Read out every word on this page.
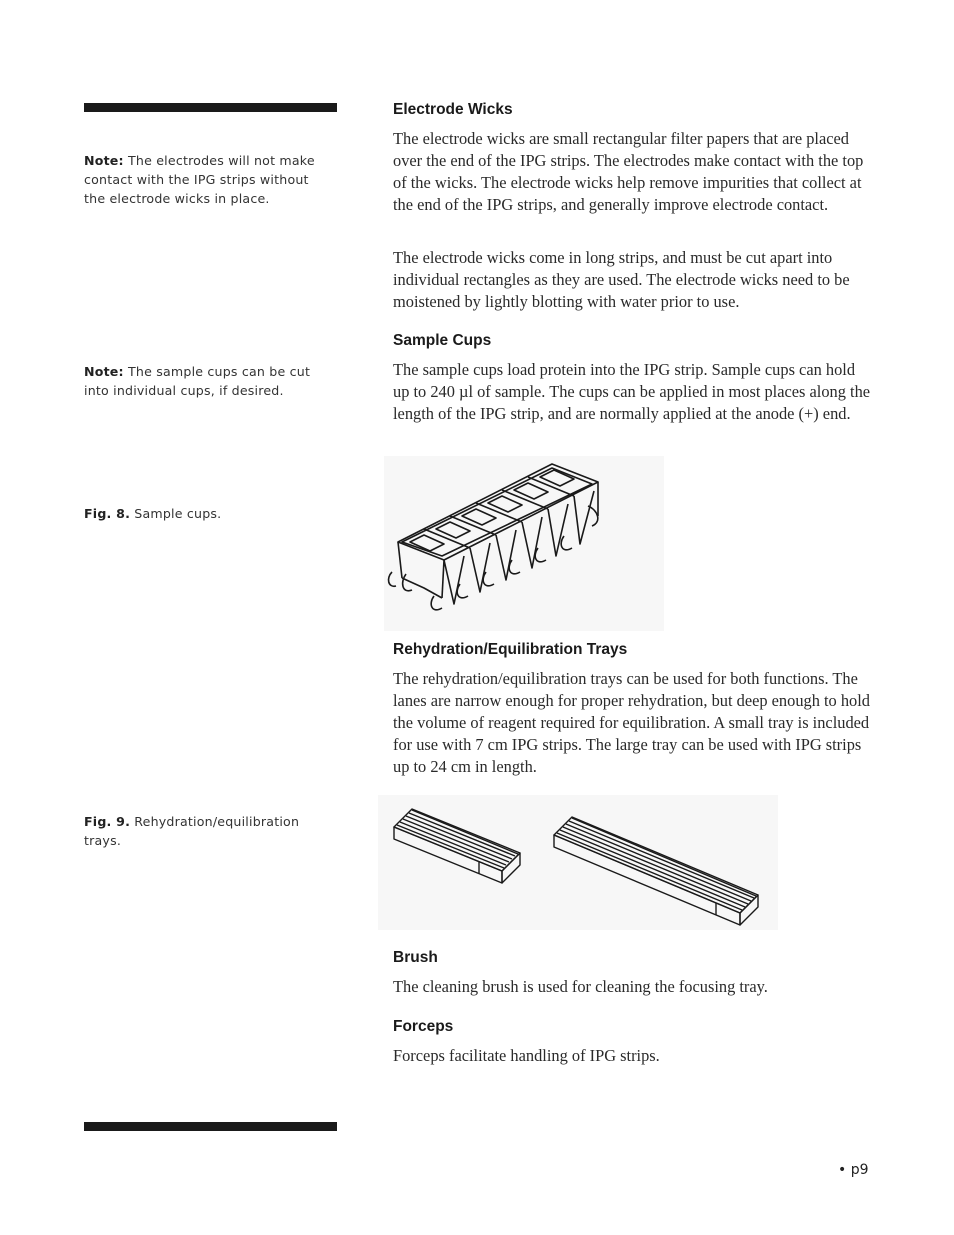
Note: The electrodes will not make contact with the IPG strips without the electrode wicks in place.
Note: The sample cups can be cut into individual cups, if desired.
Fig. 8. Sample cups.
Fig. 9. Rehydration/equilibration trays.
Electrode Wicks

The electrode wicks are small rectangular filter papers that are placed over the end of the IPG strips. The electrodes make contact with the top of the wicks. The electrode wicks help remove impurities that collect at the end of the IPG strips, and generally improve electrode contact.

The electrode wicks come in long strips, and must be cut apart into individual rectangles as they are used. The electrode wicks need to be moistened by lightly blotting with water prior to use.

Sample Cups

The sample cups load protein into the IPG strip. Sample cups can hold up to 240 µl of sample. The cups can be applied in most places along the length of the IPG strip, and are normally applied at the anode (+) end.

Rehydration/Equilibration Trays

The rehydration/equilibration trays can be used for both functions. The lanes are narrow enough for proper rehydration, but deep enough to hold the volume of reagent required for equilibration. A small tray is included for use with 7 cm IPG strips. The large tray can be used with IPG strips up to 24 cm in length.

Brush

The cleaning brush is used for cleaning the focusing tray.

Forceps

Forceps facilitate handling of IPG strips.

• p9
